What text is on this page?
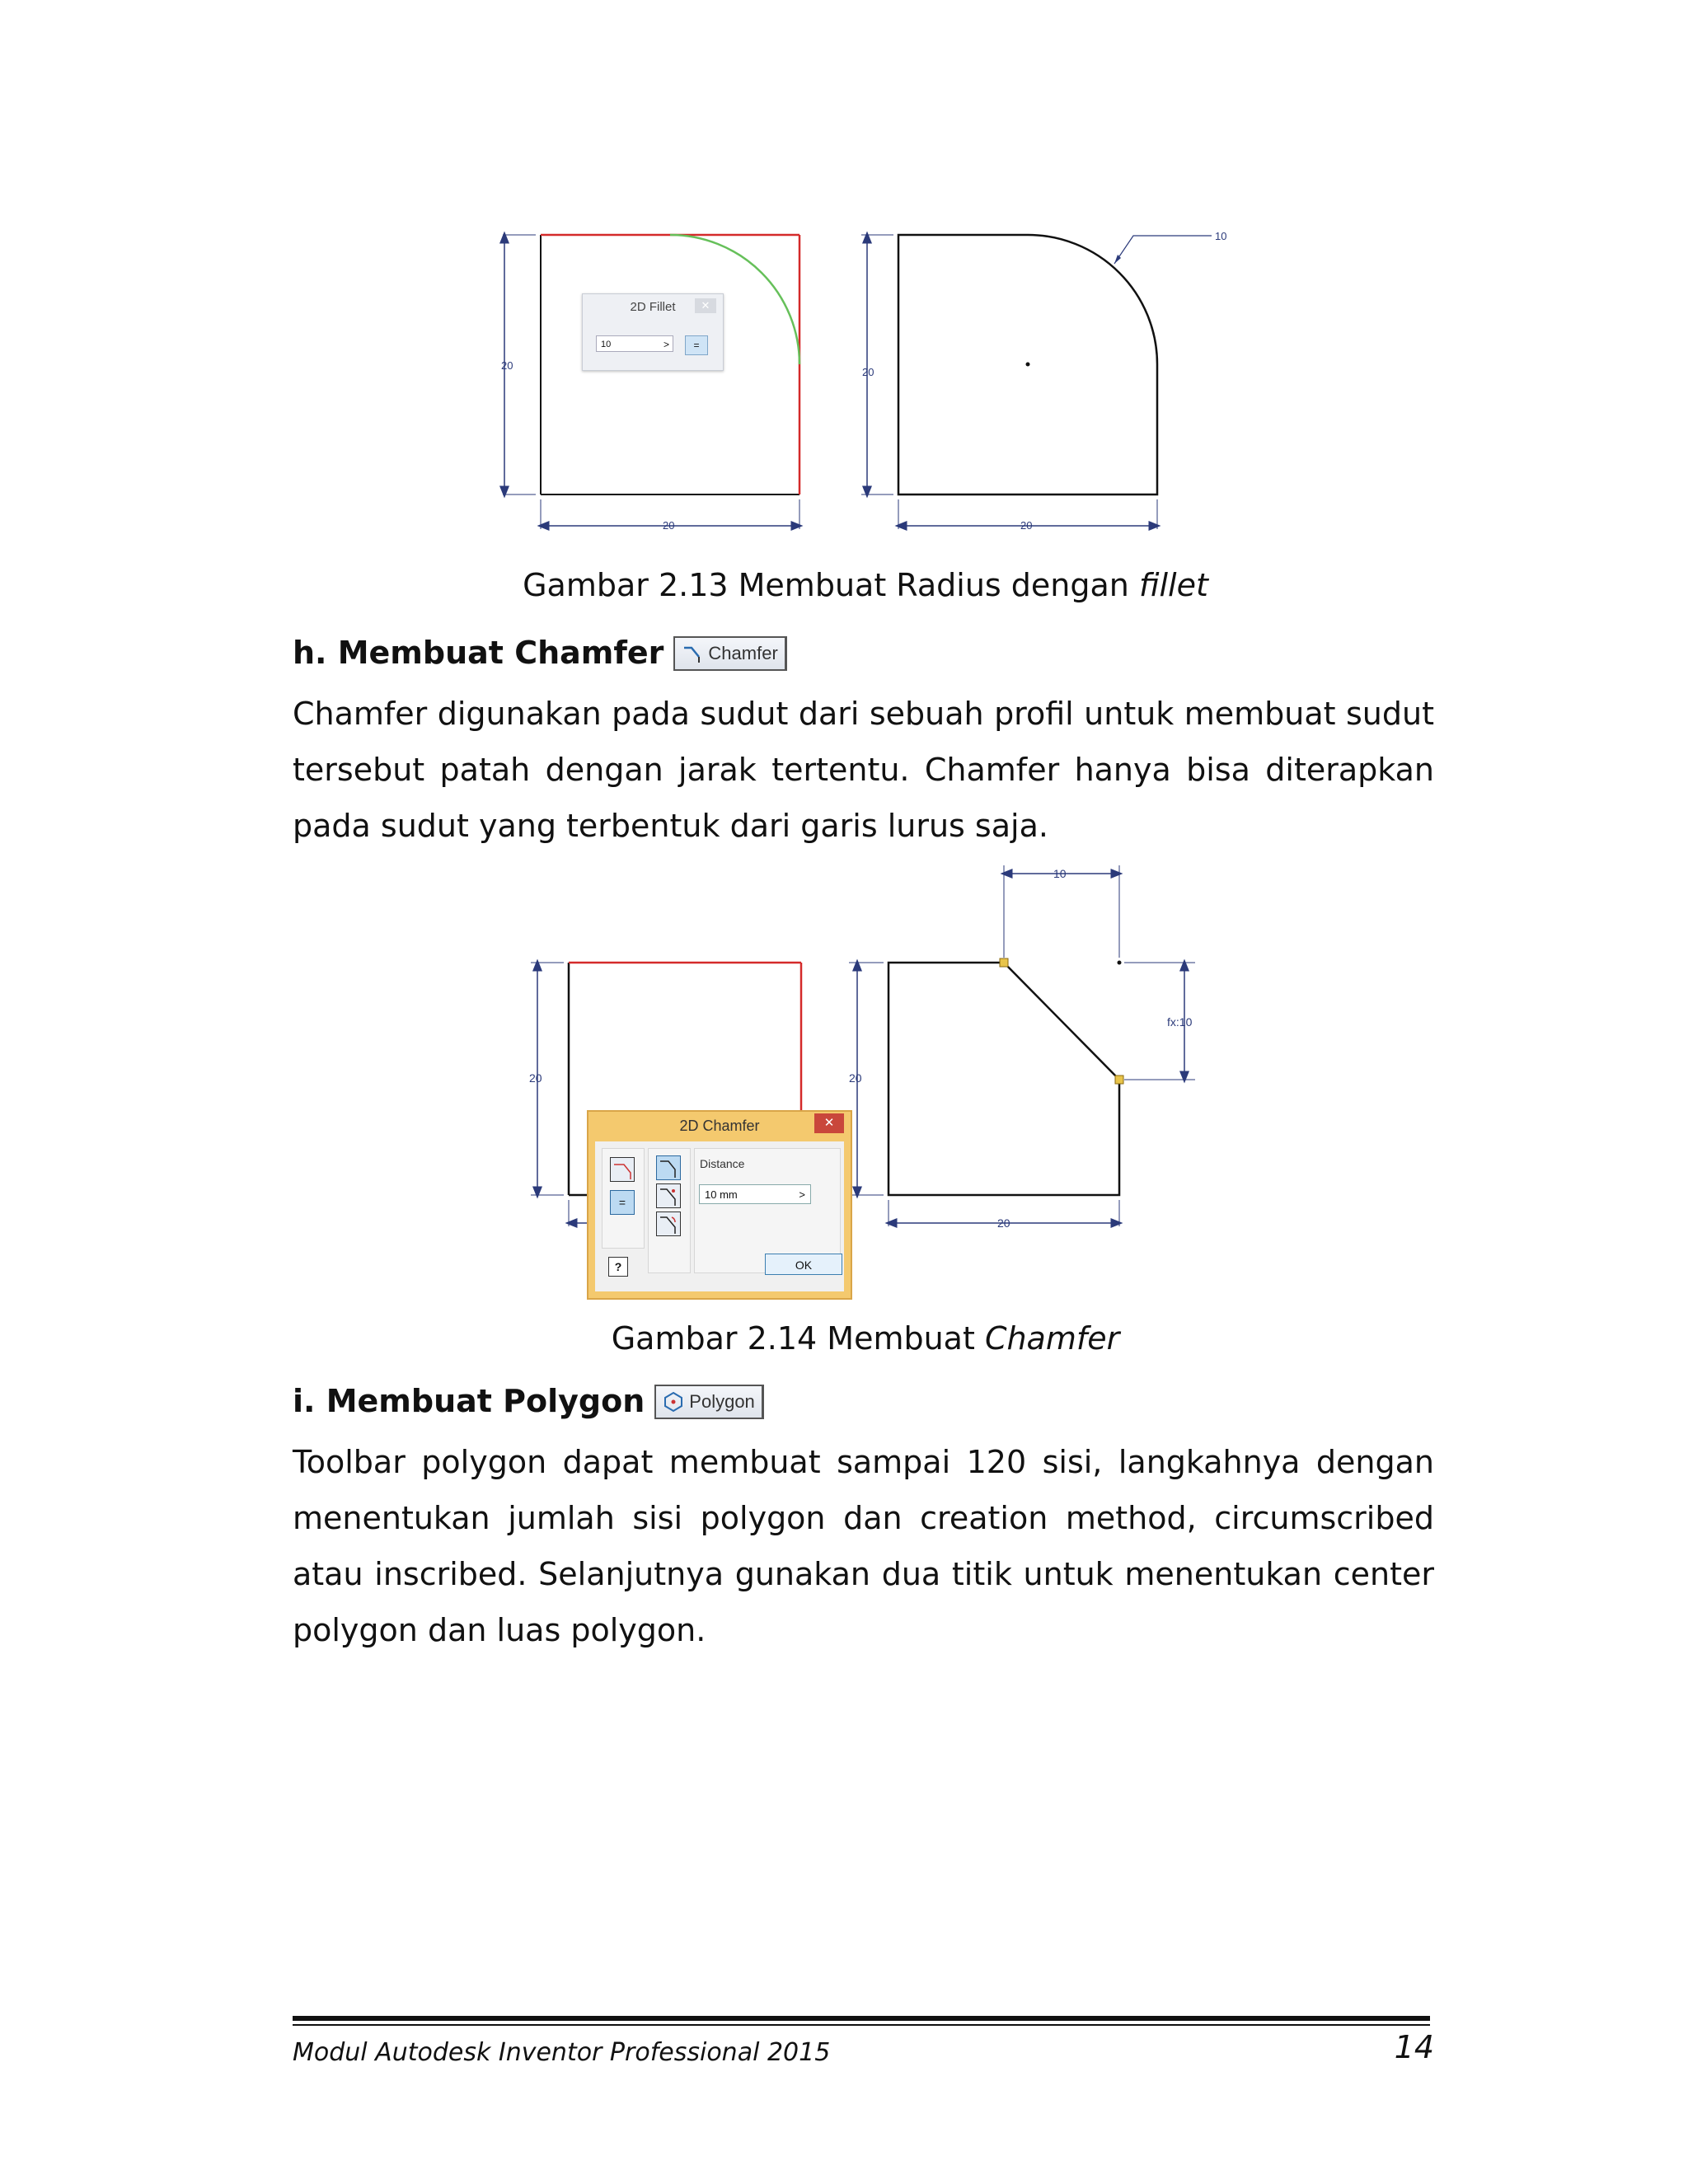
20
20
20
20
10
2D Fillet	✕
10	>	=
Gambar 2.13 Membuat Radius dengan fillet
h. Membuat Chamfer Chamfer
Chamfer digunakan pada sudut dari sebuah profil untuk membuat sudut tersebut patah dengan jarak tertentu. Chamfer hanya bisa diterapkan pada sudut yang terbentuk dari garis lurus saja.
20	20
20
10
fx:10
2D Chamfer	✕
=
Distance
10 mm	>
?	OK
Gambar 2.14 Membuat Chamfer
i. Membuat Polygon Polygon
Toolbar polygon dapat membuat sampai 120 sisi, langkahnya dengan menentukan jumlah sisi polygon dan creation method, circumscribed atau inscribed. Selanjutnya gunakan dua titik untuk menentukan center polygon dan luas polygon.
Modul Autodesk Inventor Professional 2015	14
